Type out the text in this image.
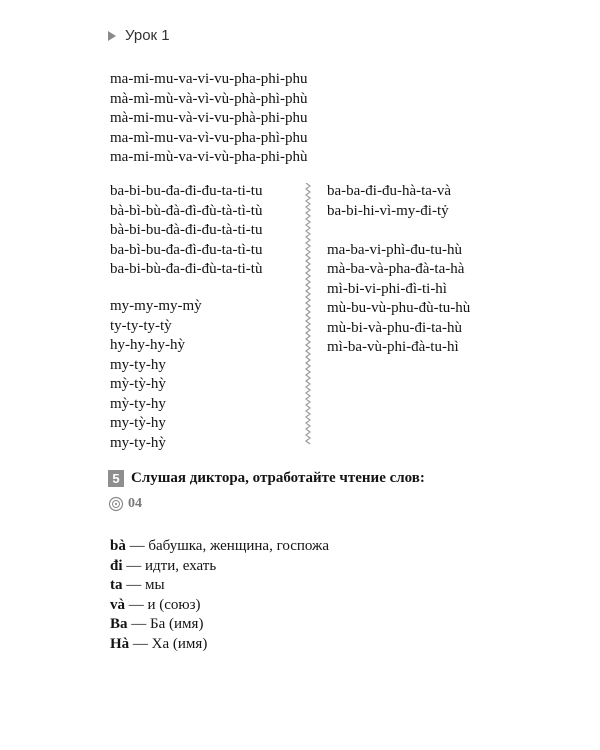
Урок 1
ma-mi-mu-va-vi-vu-pha-phi-phu
mà-mì-mù-và-vì-vù-phà-phì-phù
mà-mi-mu-và-vi-vu-phà-phi-phu
ma-mì-mu-va-vì-vu-pha-phì-phu
ma-mi-mù-va-vi-vù-pha-phi-phù
ba-bi-bu-đa-đi-đu-ta-ti-tu
bà-bì-bù-đà-đì-đù-tà-tì-tù
bà-bi-bu-đà-đi-đu-tà-ti-tu
ba-bì-bu-đa-đì-đu-ta-tì-tu
ba-bi-bù-đa-đi-đù-ta-ti-tù
my-my-my-mỳ
ty-ty-ty-tỳ
hy-hy-hy-hỳ
my-ty-hy
mỳ-tỳ-hỳ
mỳ-ty-hy
my-tỳ-hy
my-ty-hỳ
ba-ba-đi-đu-hà-ta-và
ba-bi-hi-vì-my-đi-tỷ
ma-ba-vi-phì-đu-tu-hù
mà-ba-và-pha-đà-ta-hà
mì-bi-vi-phi-đì-ti-hì
mù-bu-vù-phu-đù-tu-hù
mù-bi-và-phu-đi-ta-hù
mì-ba-vù-phi-đà-tu-hì
5 Слушая диктора, отработайте чтение слов:
04
bà — бабушка, женщина, госпожа
đi — идти, ехать
ta — мы
và — и (союз)
Ba — Ба (имя)
Hà — Ха (имя)
